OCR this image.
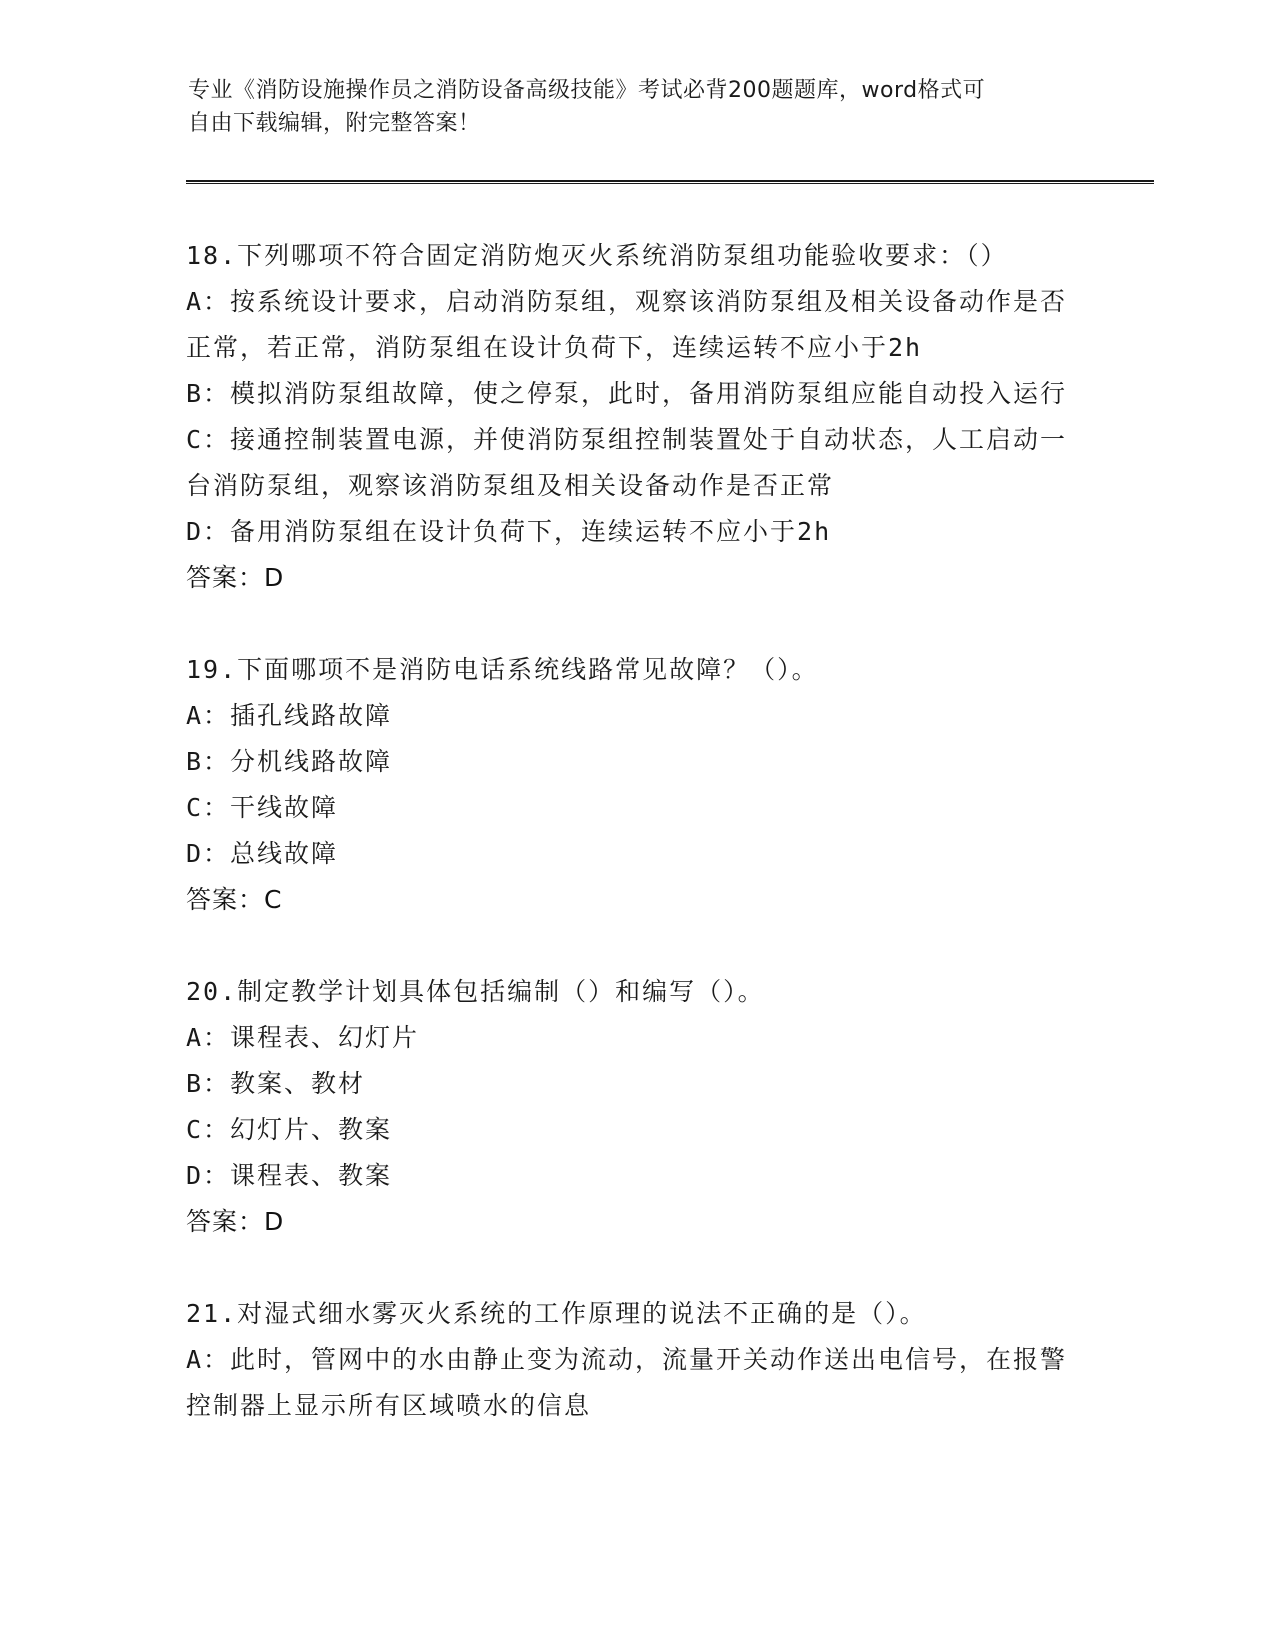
专业《消防设施操作员之消防设备高级技能》考试必背200题题库，word格式可
自由下载编辑，附完整答案！
18.下列哪项不符合固定消防炮灭火系统消防泵组功能验收要求：（）
A：按系统设计要求，启动消防泵组，观察该消防泵组及相关设备动作是否正常，若正常，消防泵组在设计负荷下，连续运转不应小于2h
B：模拟消防泵组故障，使之停泵，此时，备用消防泵组应能自动投入运行
C：接通控制装置电源，并使消防泵组控制装置处于自动状态，人工启动一台消防泵组，观察该消防泵组及相关设备动作是否正常
D：备用消防泵组在设计负荷下，连续运转不应小于2h
答案：D
19.下面哪项不是消防电话系统线路常见故障？（）。
A：插孔线路故障
B：分机线路故障
C：干线故障
D：总线故障
答案：C
20.制定教学计划具体包括编制（）和编写（）。
A：课程表、幻灯片
B：教案、教材
C：幻灯片、教案
D：课程表、教案
答案：D
21.对湿式细水雾灭火系统的工作原理的说法不正确的是（）。
A：此时，管网中的水由静止变为流动，流量开关动作送出电信号，在报警控制器上显示所有区域喷水的信息
